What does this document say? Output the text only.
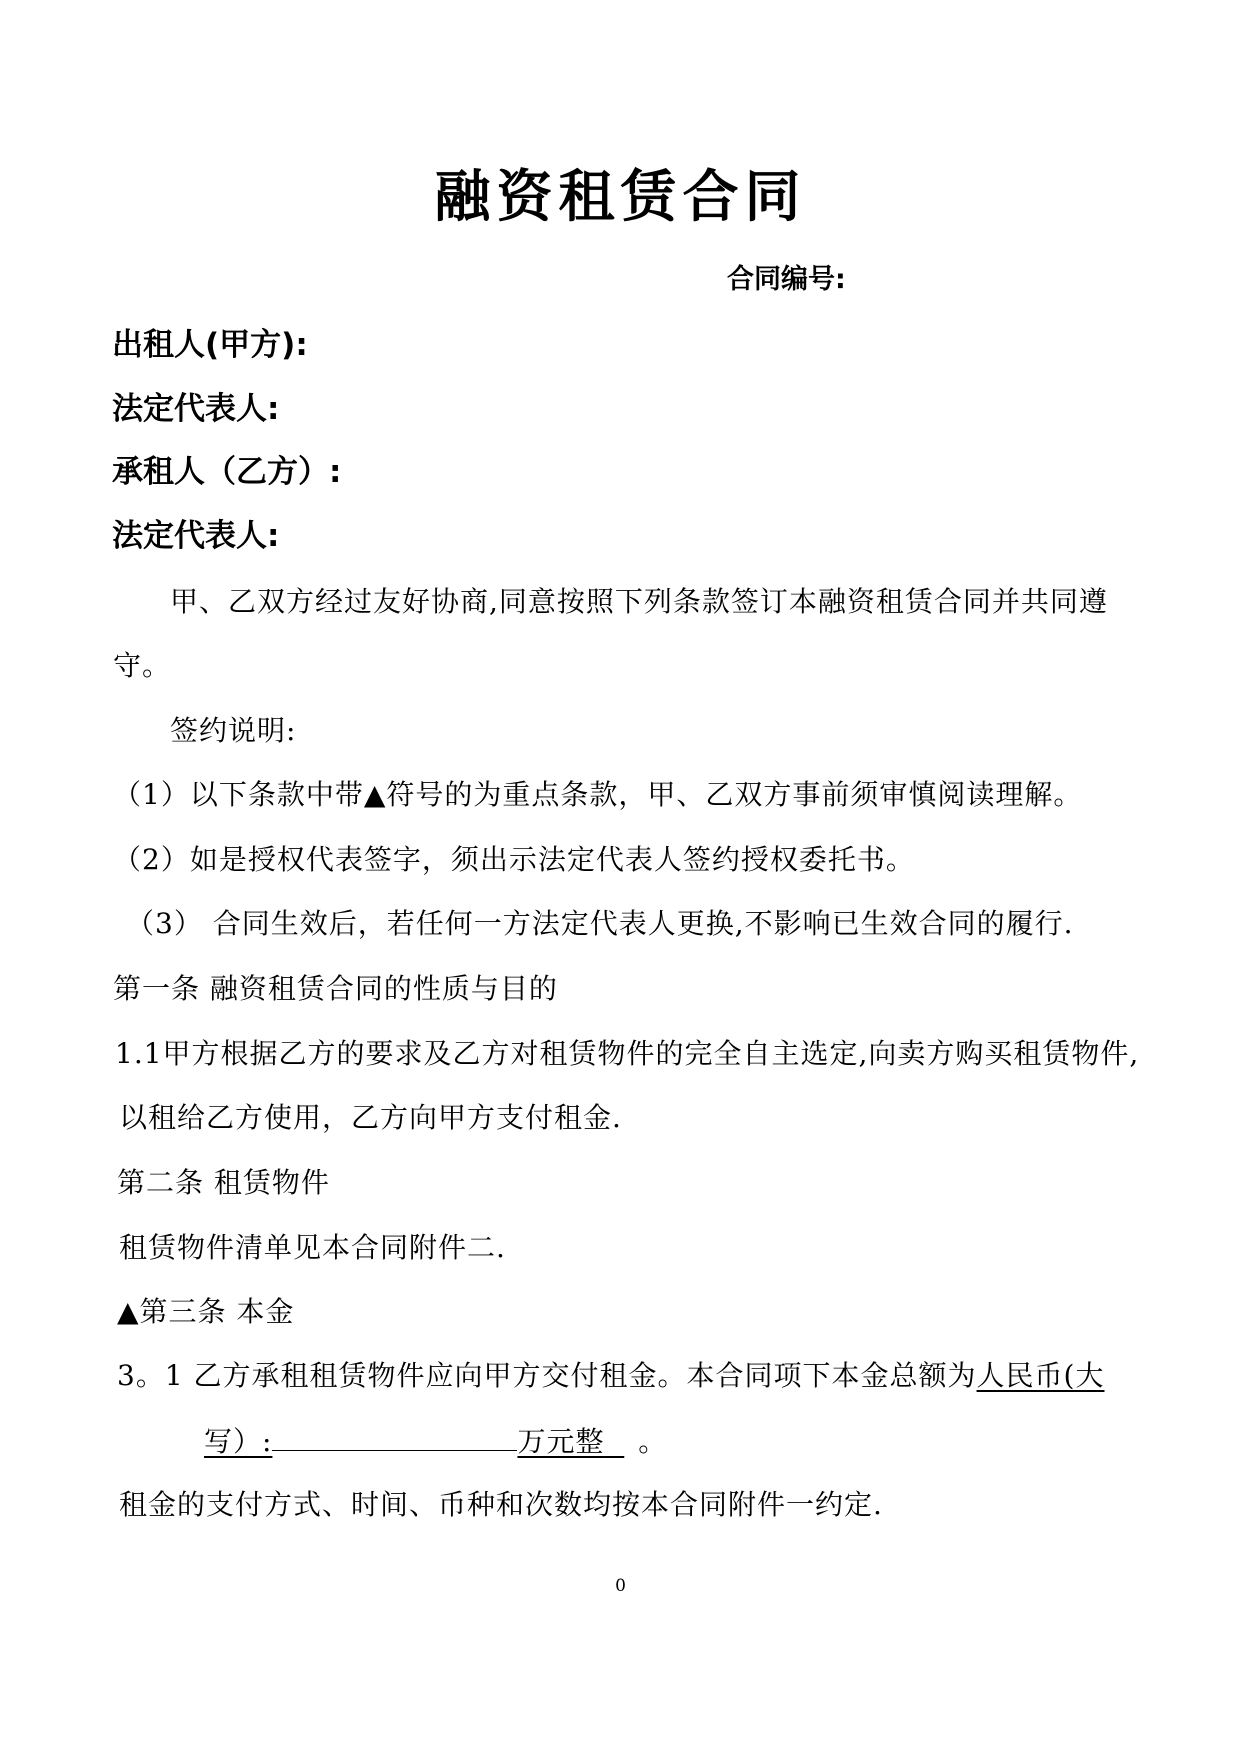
融资租赁合同
合同编号:
出租人(甲方):
法定代表人:
承租人（乙方）:
法定代表人:
甲、乙双方经过友好协商,同意按照下列条款签订本融资租赁合同并共同遵
守。
签约说明:
（1）以下条款中带▲符号的为重点条款，甲、乙双方事前须审慎阅读理解。
（2）如是授权代表签字，须出示法定代表人签约授权委托书。
（3） 合同生效后，若任何一方法定代表人更换,不影响已生效合同的履行.
第一条 融资租赁合同的性质与目的
1.1甲方根据乙方的要求及乙方对租赁物件的完全自主选定,向卖方购买租赁物件,
以租给乙方使用，乙方向甲方支付租金.
第二条 租赁物件
租赁物件清单见本合同附件二.
▲第三条 本金
3。1 乙方承租租赁物件应向甲方交付租金。本合同项下本金总额为人民币(大
写）:	万元整 。
租金的支付方式、时间、币种和次数均按本合同附件一约定.
0
